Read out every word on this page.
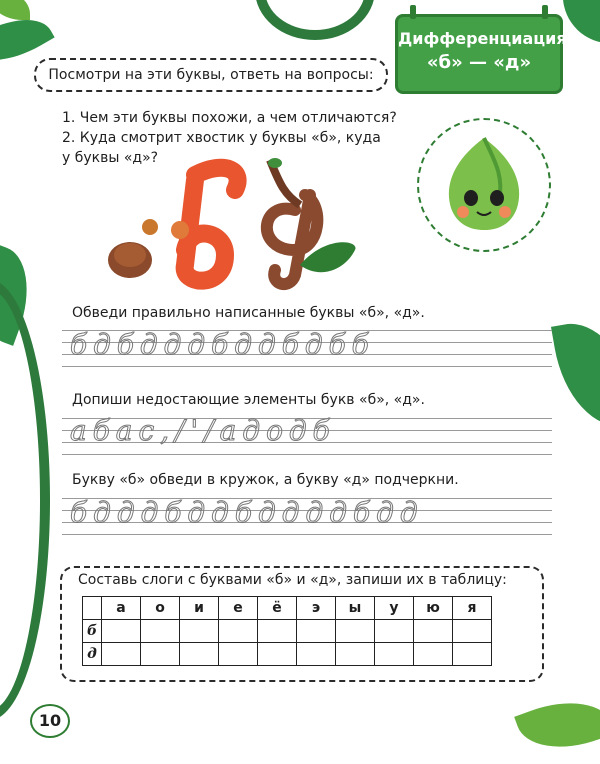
Дифференциация
«б» — «д»
Посмотри на эти буквы, ответь на вопросы:
1. Чем эти буквы похожи, а чем отличаются?
2. Куда смотрит хвостик у буквы «б», куда
у буквы «д»?
Обведи правильно написанные буквы «б», «д».
бдбдддбддбдбб
Допиши недостающие элементы букв «б», «д».
абас,/'/адодб
Букву «б» обведи в кружок, а букву «д» подчеркни.
бдддбддбддддбдд
Составь слоги с буквами «б» и «д», запиши их в таблицу:
	а	о	и	е	ё	э	ы	у	ю	я
б										
д										
10
